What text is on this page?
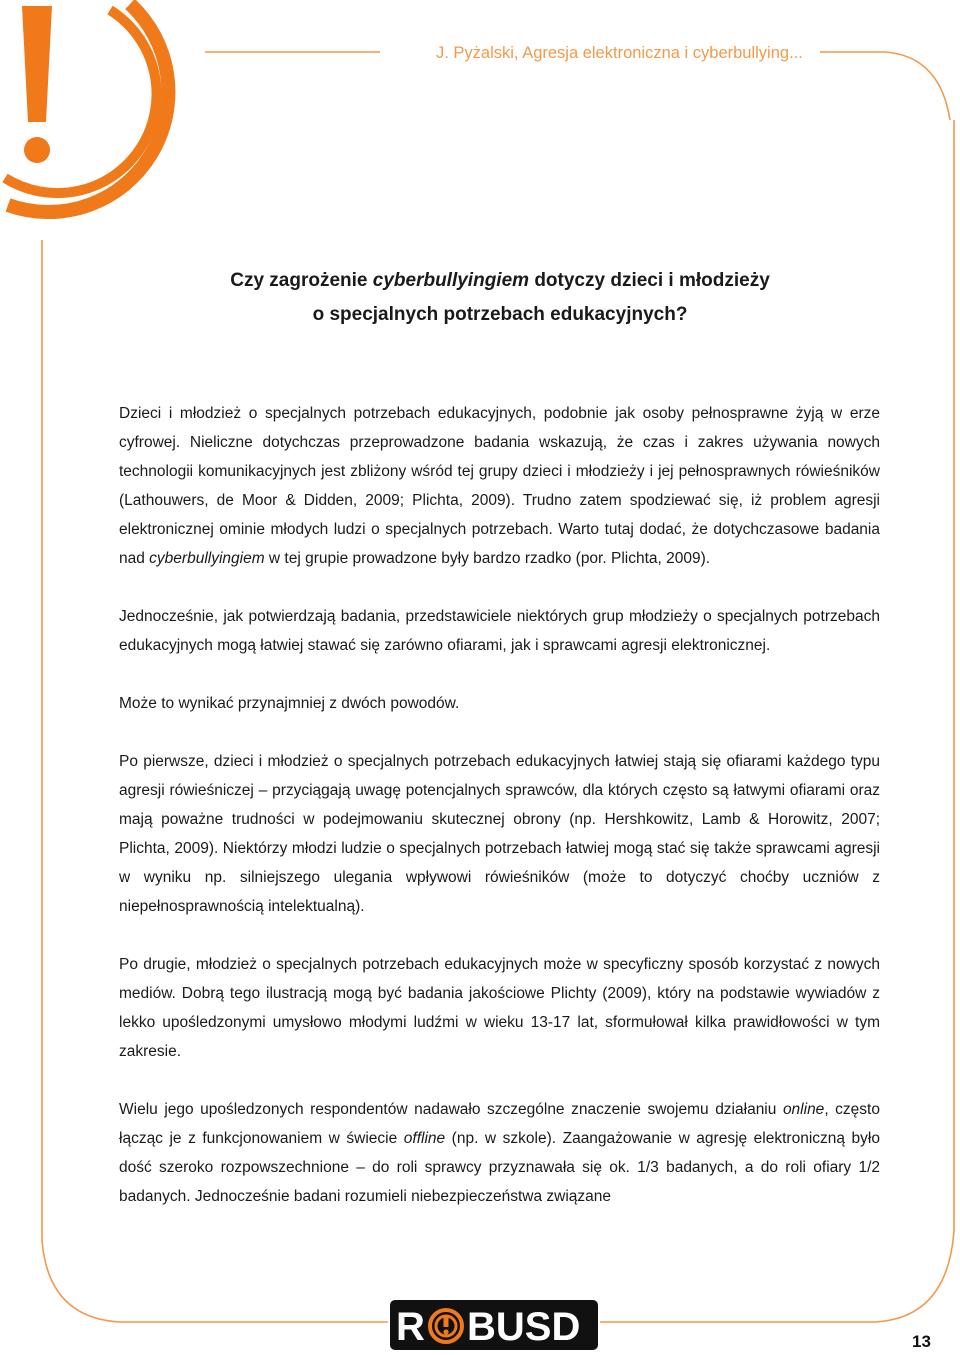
J. Pyżalski, Agresja elektroniczna i cyberbullying...
Czy zagrożenie cyberbullyingiem dotyczy dzieci i młodzieży
o specjalnych potrzebach edukacyjnych?

Dzieci i młodzież o specjalnych potrzebach edukacyjnych, podobnie jak osoby pełnosprawne żyją w erze cyfrowej. Nieliczne dotychczas przeprowadzone badania wskazują, że czas i zakres używania nowych technologii komunikacyjnych jest zbliżony wśród tej grupy dzieci i młodzieży i jej pełnosprawnych rówieśników (Lathouwers, de Moor & Didden, 2009; Plichta, 2009). Trudno zatem spodziewać się, iż problem agresji elektronicznej ominie młodych ludzi o specjalnych potrzebach. Warto tutaj dodać, że dotychczasowe badania nad cyberbullyingiem w tej grupie prowadzone były bardzo rzadko (por. Plichta, 2009).

Jednocześnie, jak potwierdzają badania, przedstawiciele niektórych grup młodzieży o specjalnych potrzebach edukacyjnych mogą łatwiej stawać się zarówno ofiarami, jak i sprawcami agresji elektronicznej.

Może to wynikać przynajmniej z dwóch powodów.

Po pierwsze, dzieci i młodzież o specjalnych potrzebach edukacyjnych łatwiej stają się ofiarami każdego typu agresji rówieśniczej – przyciągają uwagę potencjalnych sprawców, dla których często są łatwymi ofiarami oraz mają poważne trudności w podejmowaniu skutecznej obrony (np. Hershkowitz, Lamb & Horowitz, 2007; Plichta, 2009). Niektórzy młodzi ludzie o specjalnych potrzebach łatwiej mogą stać się także sprawcami agresji w wyniku np. silniejszego ulegania wpływowi rówieśników (może to dotyczyć choćby uczniów z niepełnosprawnością intelektualną).

Po drugie, młodzież o specjalnych potrzebach edukacyjnych może w specyficzny sposób korzystać z nowych mediów. Dobrą tego ilustracją mogą być badania jakościowe Plichty (2009), który na podstawie wywiadów z lekko upośledzonymi umysłowo młodymi ludźmi w wieku 13-17 lat, sformułował kilka prawidłowości w tym zakresie.

Wielu jego upośledzonych respondentów nadawało szczególne znaczenie swojemu działaniu online, często łącząc je z funkcjonowaniem w świecie offline (np. w szkole). Zaangażowanie w agresję elektroniczną było dość szeroko rozpowszechnione – do roli sprawcy przyznawała się ok. 1/3 badanych, a do roli ofiary 1/2 badanych. Jednocześnie badani rozumieli niebezpieczeństwa związane

R BUSD	13
